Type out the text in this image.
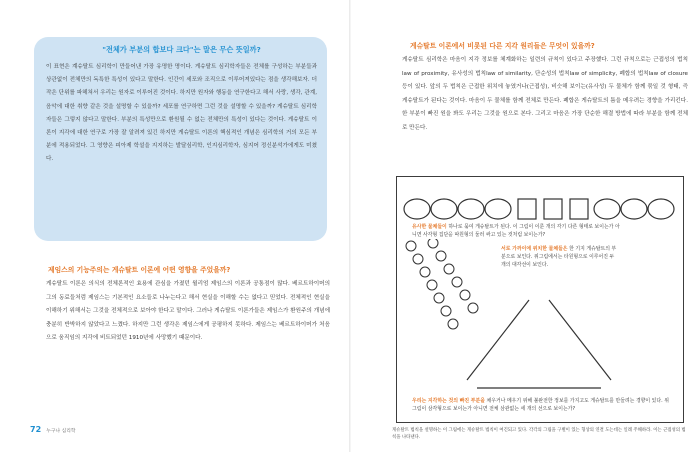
"전체가 부분의 합보다 크다"는 말은 무슨 뜻일까?
이 표현은 계슈탈트 심리학이 만들어낸 가장 유명한 명이다. 게슈탈트 심리학자들은 전체를 구성하는 부분들과 상관없이 전체만의 독특한 특성이 있다고 말한다. 인간이 세포와 조직으로 이루어져있다는 점을 생각해보자. 더 작은 단위를 파헤쳐서 우리는 원자로 이루어진 것이다. 하지만 원자와 행동을 연구한다고 해서 사랑, 생각, 관계, 음악에 대한 취향 같은 것을 설명할 수 있을까? 세포를 연구하면 그런 것을 설명할 수 있을까? 게슈탈트 심리학자들은 그렇지 않다고 말한다. 부분의 특성만으로 환원될 수 없는 전체만의 특성이 있다는 것이다. 게슈탈트 이론이 지각에 대한 연구로 가장 잘 알려져 있긴 하지만 게슈탈트 이론의 핵심적인 개념은 심리학의 거의 모든 부분에 적용되었다. 그 영향은 피아제 학설을 지지하는 발달심리학, 인지심리학자, 심지어 정신분석가에게도 미쳤다.
제임스의 기능주의는 게슈탈트 이론에 어떤 영향을 주었을까?
게슈탈트 이론은 의식의 전체론적인 효용에 관심을 가졌던 윌리엄 제임스의 이론과 공통점이 많다. 베르트하이머의 그의 동료들처럼 제임스는 기본적인 요소들로 나누는다고 해서 현실을 이해할 수는 없다고 믿었다. 전체적인 현실을 이해하기 위해서는 그것을 전체적으로 보아야 한다고 말이다. 그러나 게슈탈트 이론가들은 제임스가 환원주의 개념에 충분히 반박하지 않았다고 느꼈다. 하지만 그런 생각은 제임스에게 공평하지 못하다. 제임스는 베르트하이머가 처음으로 움직임의 지각에 비트되었던 1910년에 사망했기 때문이다.
72 누구나 심리학
게슈탈트 이론에서 비롯된 다른 지각 원리들은 무엇이 있을까?
게슈탈트 심리학은 마음이 지각 정보를 체계화하는 일련의 규칙이 있다고 주장했다. 그런 규칙으로는 근접성의 법칙law of proximity, 유사성의 법칙law of similarity, 단순성의 법칙law of simplicity, 폐합의 법칙law of closure 등이 있다. 앞의 두 법칙은 근접한 위치에 놓였거나(근접성), 비슷해 보이는(유사성) 두 물체가 함께 묶일 것 형태, 즉 게슈탈트가 된다는 것이다. 마음이 두 물체를 함께 전체로 만든다. 폐합은 게슈탈트의 틈을 메우려는 경향을 가리킨다. 한 부분이 빠진 원을 봐도 우리는 그것을 원으로 본다. 그리고 마음은 가장 단순한 해결 방법에 따라 부분을 함께 전체로 만든다.
유사한 물체들이 하나로 묶여 게슈탈트가 된다. 이 그림이 이룬 개의 각기 다른 형태로 보이는가 아니면 사각형 집단을 따원형의 둘러 싸고 있는 것처럼 보이는가?
서로 가까이에 위치한 물체들은 한 기지 게슈탈트의 부분으로 보인다. 위그림에서는 타원형으로 이루어진 두 개의 대각선이 보인다.
우리는 지각하는 것의 빠진 부분을 채우거나 메우기 위해 불완전한 정보를 가지고도 게슈탈트를 만들려는 경향이 있다. 위 그림이 삼각형으로 보이는가 아니면 전체 삼관없는 세 개의 선으로 보이는가?
게슈탈트 법칙을 설명하는 이 그림에는 게슈탈트 법칙이 여긴되고 있다. 각각의 그림을 구별이 있는 형상의 연결 도는데는 일례 주해하라. 이는 근접성의 법칙을 나타낸다.
